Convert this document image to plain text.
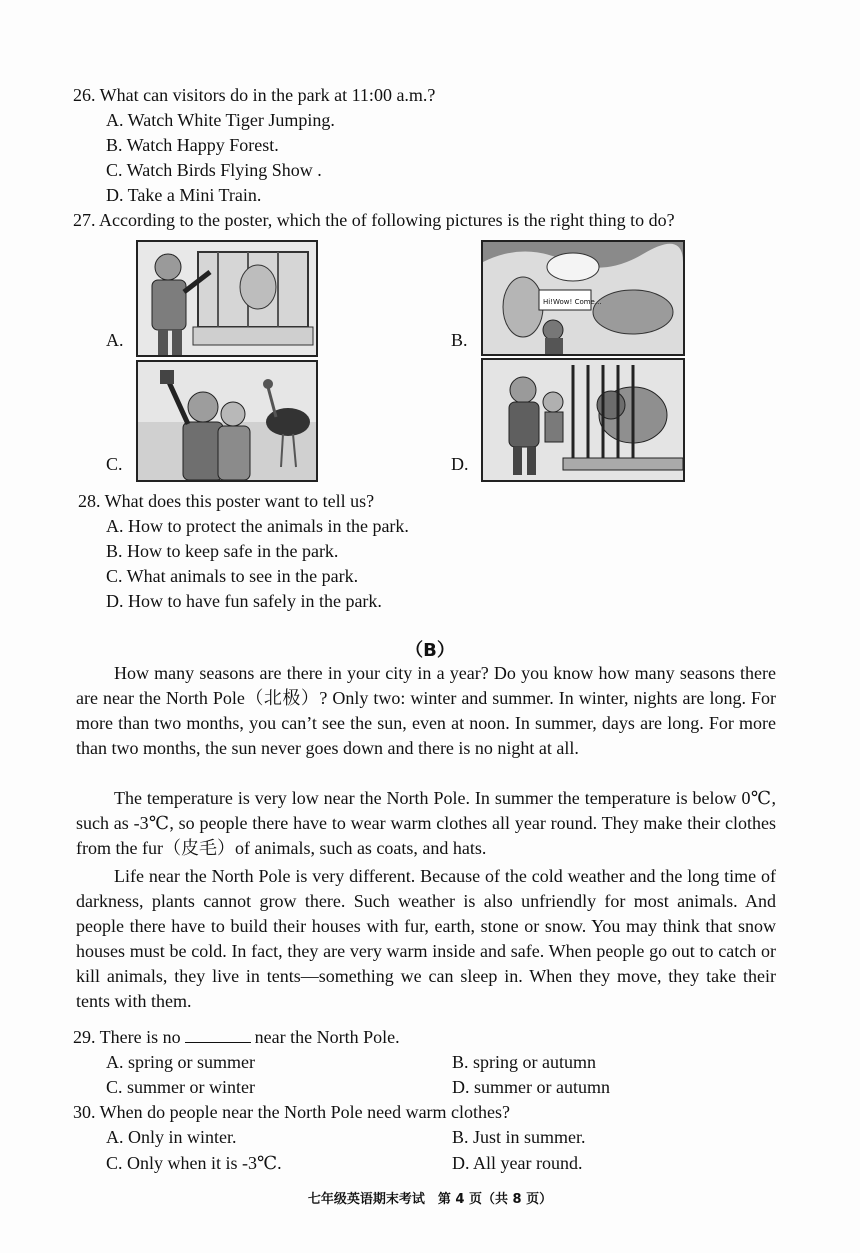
26. What can visitors do in the park at 11:00 a.m.?
A. Watch White Tiger Jumping.
B. Watch Happy Forest.
C. Watch Birds Flying Show .
D. Take a Mini Train.
27. According to the poster, which the of following pictures is the right thing to do?
A.	B.
Hi!Wow! Come...
C.	D.
28. What does this poster want to tell us?
A. How to protect the animals in the park.
B. How to keep safe in the park.
C. What animals to see in the park.
D. How to have fun safely in the park.
（B）

How many seasons are there in your city in a year? Do you know how many seasons there are near the North Pole（北极）? Only two: winter and summer. In winter, nights are long. For more than two months, you can’t see the sun, even at noon. In summer, days are long. For more than two months, the sun never goes down and there is no night at all.

The temperature is very low near the North Pole. In summer the temperature is below 0℃, such as -3℃, so people there have to wear warm clothes all year round. They make their clothes from the fur（皮毛）of animals, such as coats, and hats.

Life near the North Pole is very different. Because of the cold weather and the long time of darkness, plants cannot grow there. Such weather is also unfriendly for most animals. And people there have to build their houses with fur, earth, stone or snow. You may think that snow houses must be cold. In fact, they are very warm inside and safe. When people go out to catch or kill animals, they live in tents—something we can sleep in. When they move, they take their tents with them.

29. There is no	near the North Pole.
A. spring or summer	B. spring or autumn
C. summer or winter	D. summer or autumn
30. When do people near the North Pole need warm clothes?
A. Only in winter.	B. Just in summer.
C. Only when it is -3℃.	D. All year round.
七年级英语期末考试　第 4 页（共 8 页）
